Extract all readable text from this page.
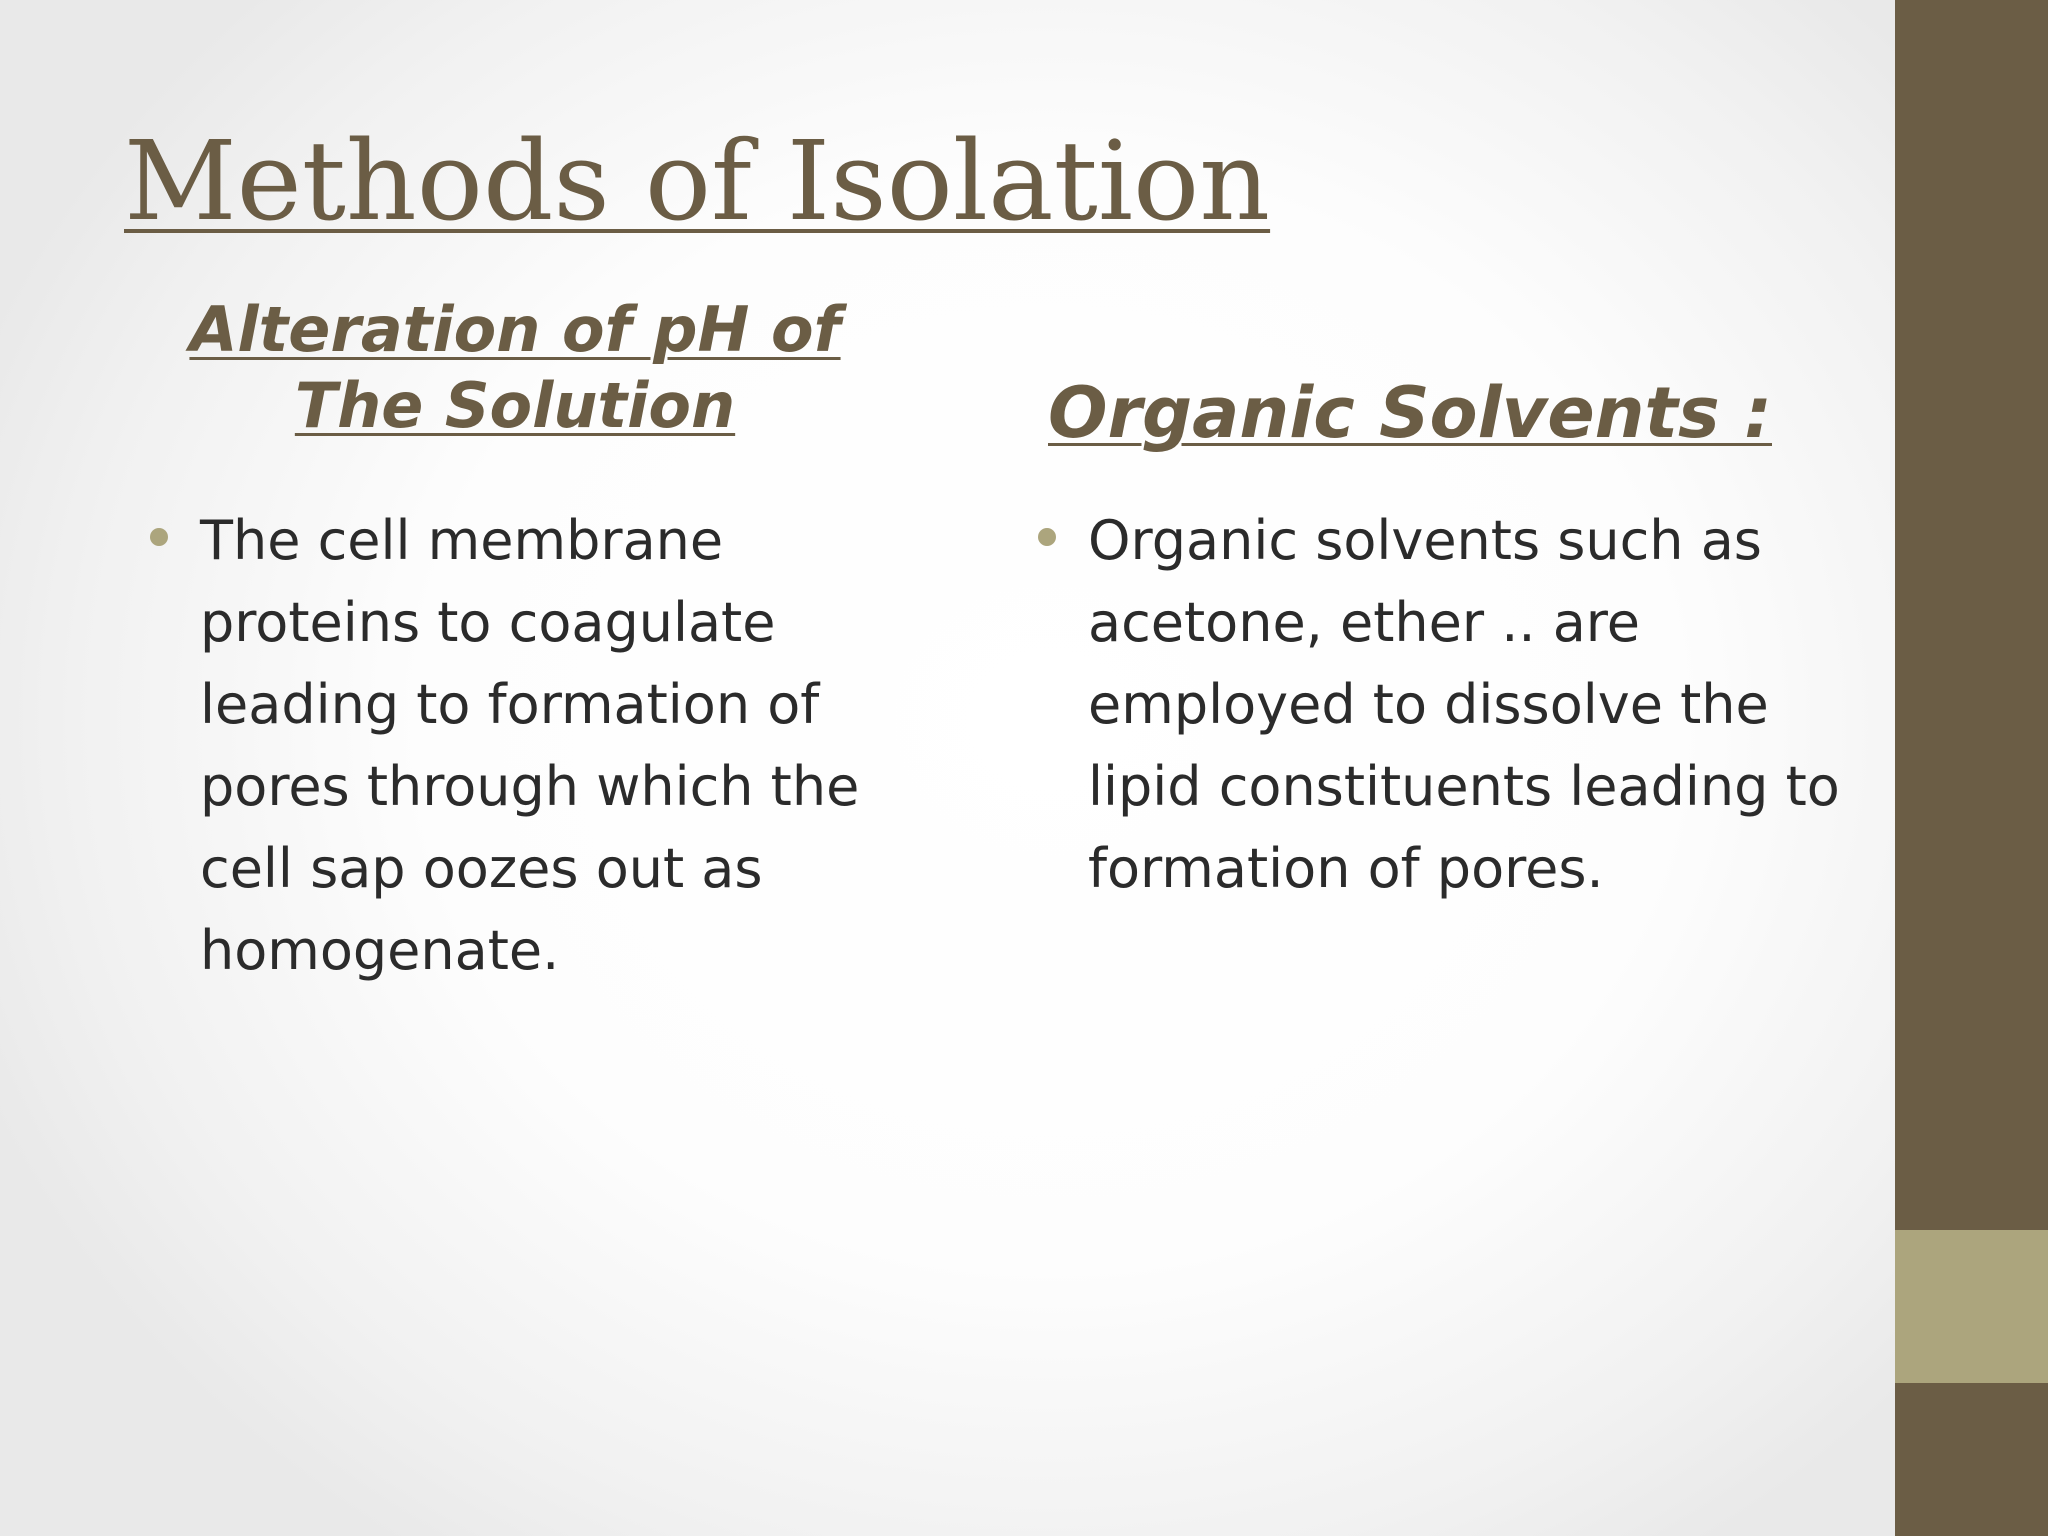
Methods of Isolation
Alteration of pH of The Solution	Organic Solvents :
The cell membrane proteins to coagulate leading to formation of pores through which the cell sap oozes out as homogenate.
Organic solvents such as acetone, ether .. are employed to dissolve the lipid constituents leading to formation of pores.
